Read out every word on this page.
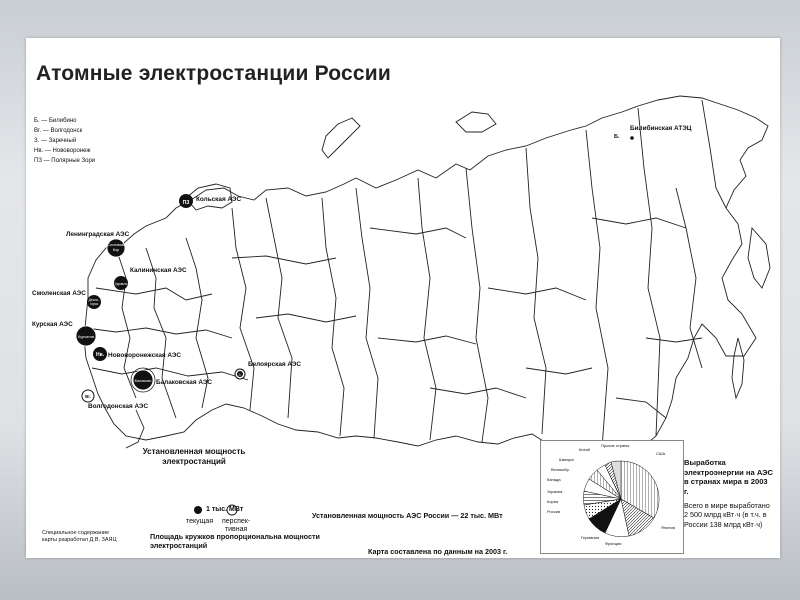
ПЗ
Сосновый
Бор
Удомля
Десно-
горск
Курчатов
Нв.
Балаково
З.
Вг.
Атомные электростанции России
Б. — Билибино
Вг. — Волгодонск
З. — Заречный
Нв. — Нововоронеж
ПЗ — Полярные Зори
Кольская АЭС
Ленинградская АЭС
Калининская АЭС
Смоленская АЭС
Курская АЭС
Нововоронежская АЭС
Балаковская АЭС
Белоярская АЭС
Волгодонская АЭС
Билибинская АТЭЦ
Б.
Установленная мощность электростанций
1 тыс. МВт
текущая перспек-
тивная
Установленная мощность АЭС России — 22 тыс. МВт
Площадь кружков пропорциональна мощности электростанций
Карта составлена по данным на 2003 г.
Специальное содержание карты разработал Д.В. ЗАЯЦ
США
Япония
Франция
Германия
Россия
Корея
Украина
Канада
Великобр.
Швеция
Китай
Прочие страны
Выработка электроэнергии на АЭС в странах мира в 2003 г.
Всего в мире выработано 2 500 млрд кВт·ч (в т.ч. в России 138 млрд кВт·ч)
